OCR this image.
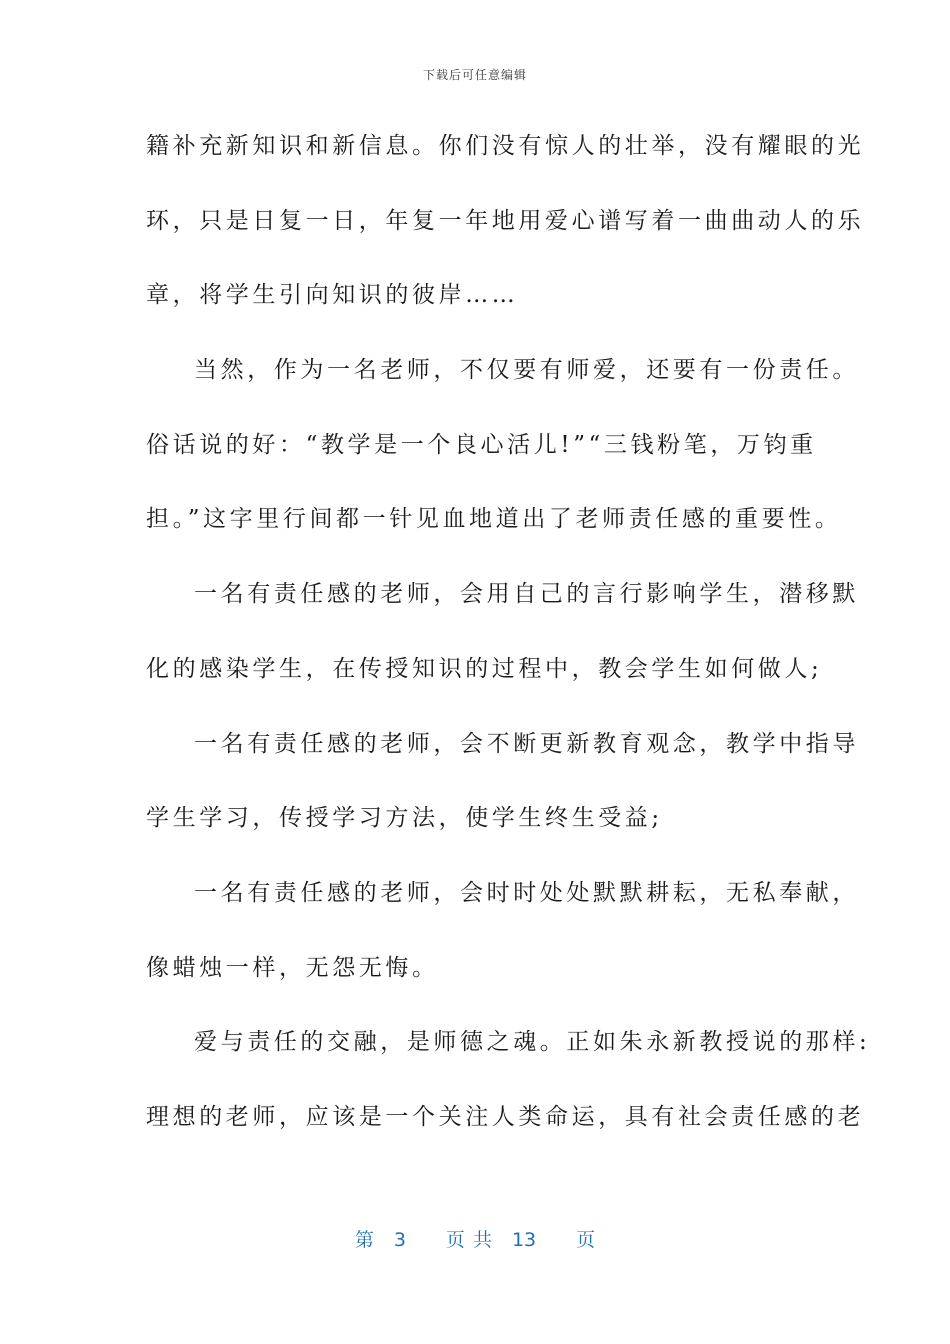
下载后可任意编辑
籍补充新知识和新信息。你们没有惊人的壮举，没有耀眼的光
环，只是日复一日，年复一年地用爱心谱写着一曲曲动人的乐
章，将学生引向知识的彼岸……
当然，作为一名老师，不仅要有师爱，还要有一份责任。
俗话说的好：“教学是一个良心活儿!”“三钱粉笔，万钧重
担。”这字里行间都一针见血地道出了老师责任感的重要性。
一名有责任感的老师，会用自己的言行影响学生，潜移默
化的感染学生，在传授知识的过程中，教会学生如何做人;
一名有责任感的老师，会不断更新教育观念，教学中指导
学生学习，传授学习方法，使学生终生受益;
一名有责任感的老师，会时时处处默默耕耘，无私奉献，
像蜡烛一样，无怨无悔。
爱与责任的交融，是师德之魂。正如朱永新教授说的那样:
理想的老师，应该是一个关注人类命运，具有社会责任感的老
第 3 页 共 13 页
